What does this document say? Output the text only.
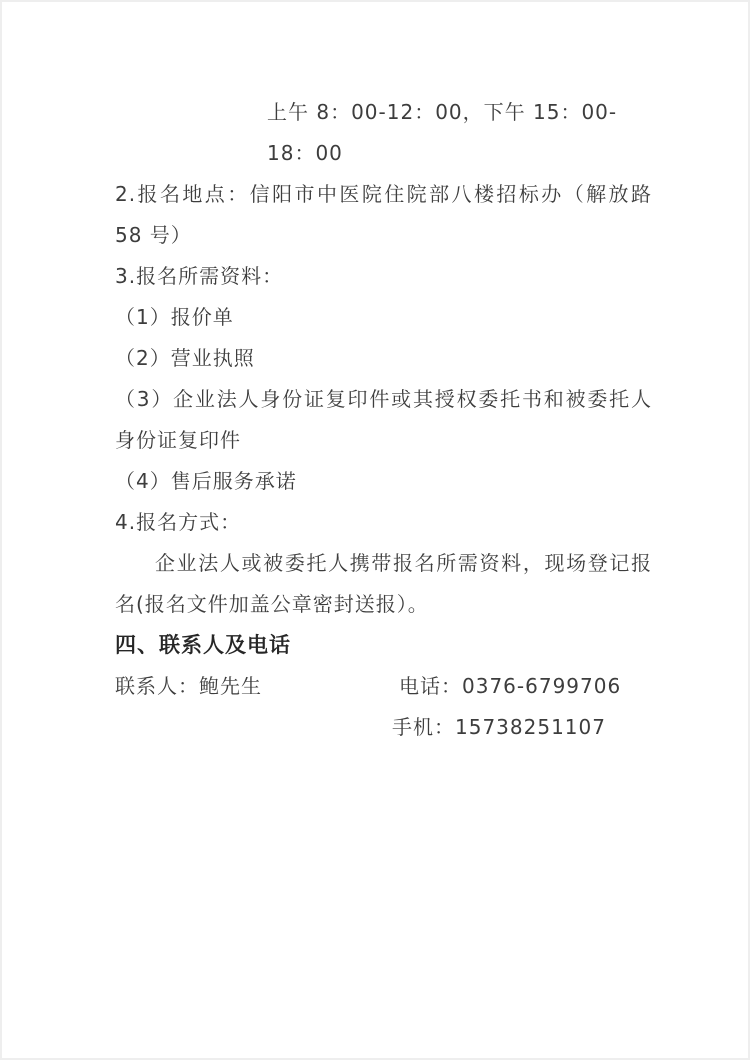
上午 8：00-12：00，下午 15：00-18：00

2.报名地点：信阳市中医院住院部八楼招标办（解放路 58 号）

3.报名所需资料：

（1）报价单

（2）营业执照

（3）企业法人身份证复印件或其授权委托书和被委托人身份证复印件

（4）售后服务承诺

4.报名方式：

企业法人或被委托人携带报名所需资料，现场登记报名(报名文件加盖公章密封送报）。

四、联系人及电话
联系人：鲍先生	电话：0376-6799706

手机：15738251107
